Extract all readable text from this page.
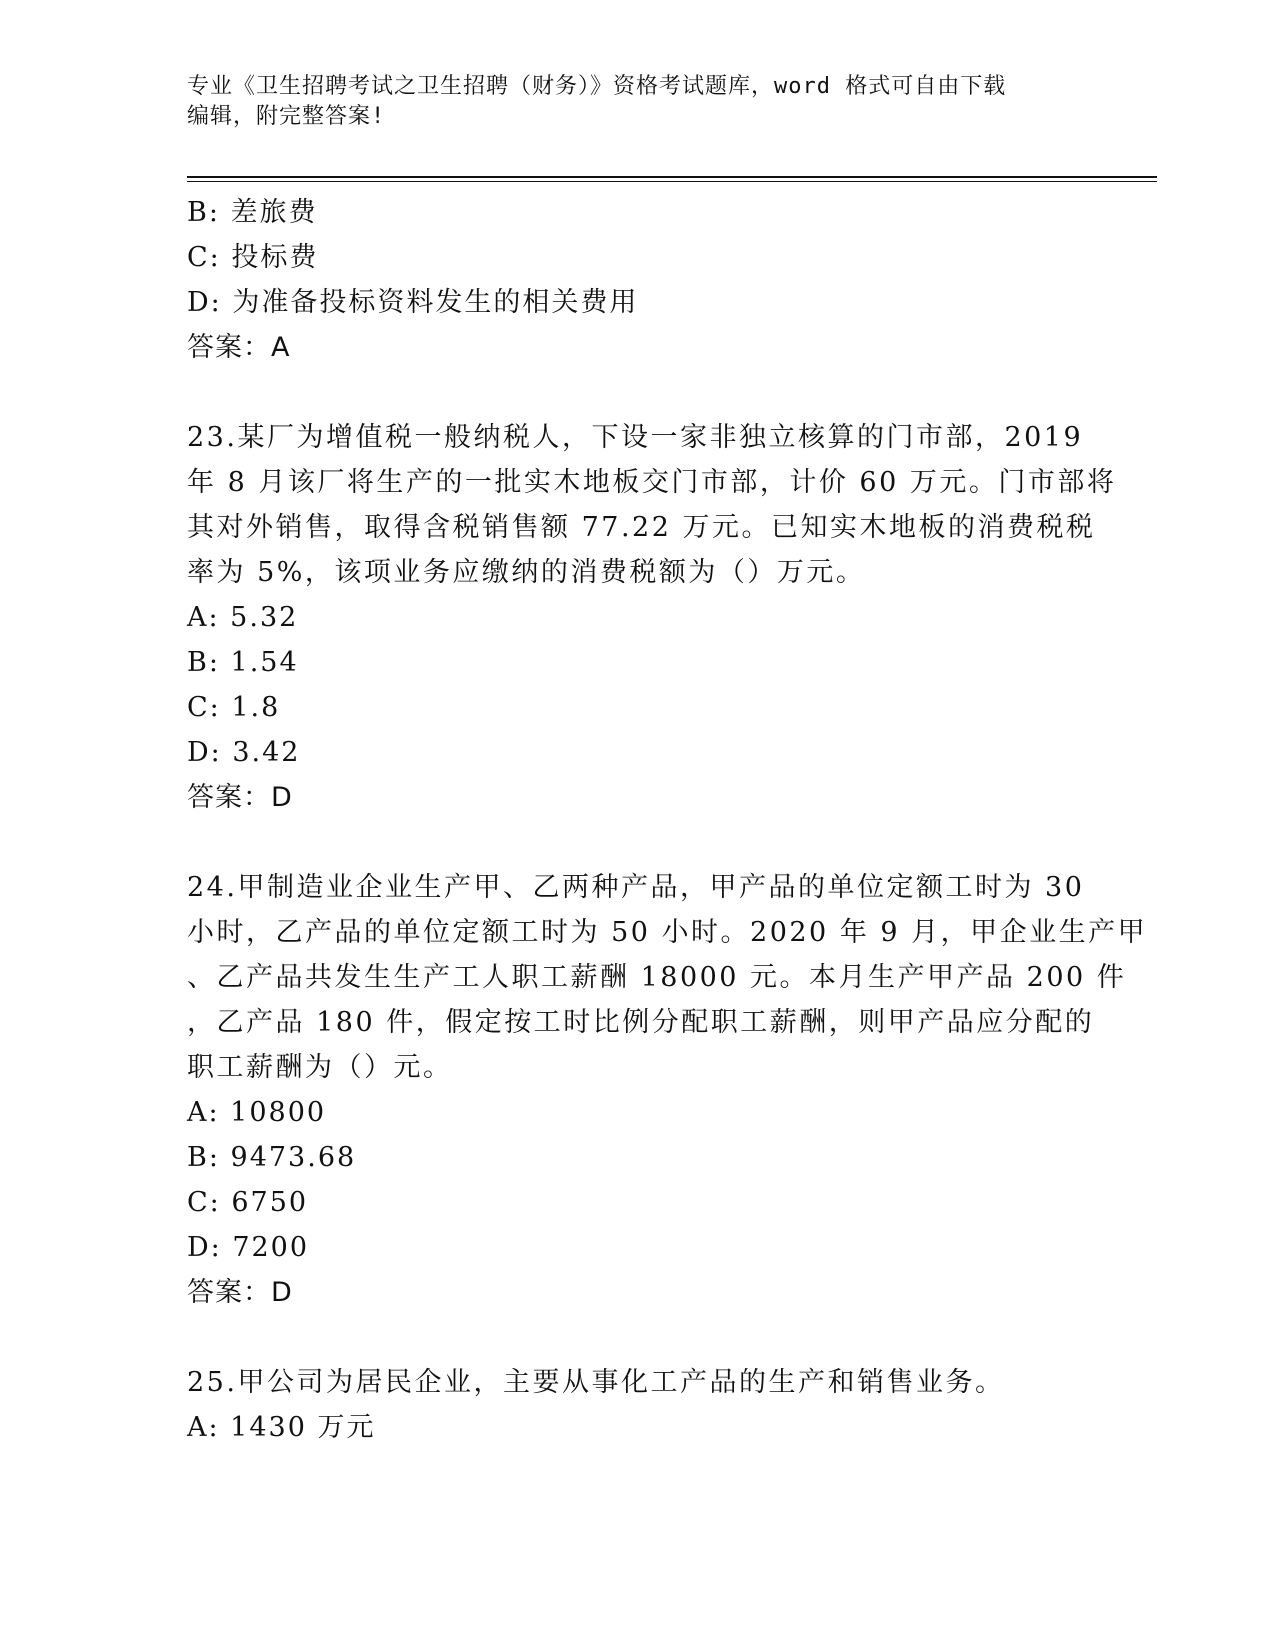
专业《卫生招聘考试之卫生招聘（财务）》资格考试题库，word 格式可自由下载
编辑，附完整答案!
B: 差旅费
C: 投标费
D: 为准备投标资料发生的相关费用
答案：A
23.某厂为增值税一般纳税人，下设一家非独立核算的门市部，2019
年 8 月该厂将生产的一批实木地板交门市部，计价 60 万元。门市部将
其对外销售，取得含税销售额 77.22 万元。已知实木地板的消费税税
率为 5%，该项业务应缴纳的消费税额为（）万元。
A: 5.32
B: 1.54
C: 1.8
D: 3.42
答案：D
24.甲制造业企业生产甲、乙两种产品，甲产品的单位定额工时为 30
小时，乙产品的单位定额工时为 50 小时。2020 年 9 月，甲企业生产甲
、乙产品共发生生产工人职工薪酬 18000 元。本月生产甲产品 200 件
，乙产品 180 件，假定按工时比例分配职工薪酬，则甲产品应分配的
职工薪酬为（）元。
A: 10800
B: 9473.68
C: 6750
D: 7200
答案：D
25.甲公司为居民企业，主要从事化工产品的生产和销售业务。
A: 1430 万元
